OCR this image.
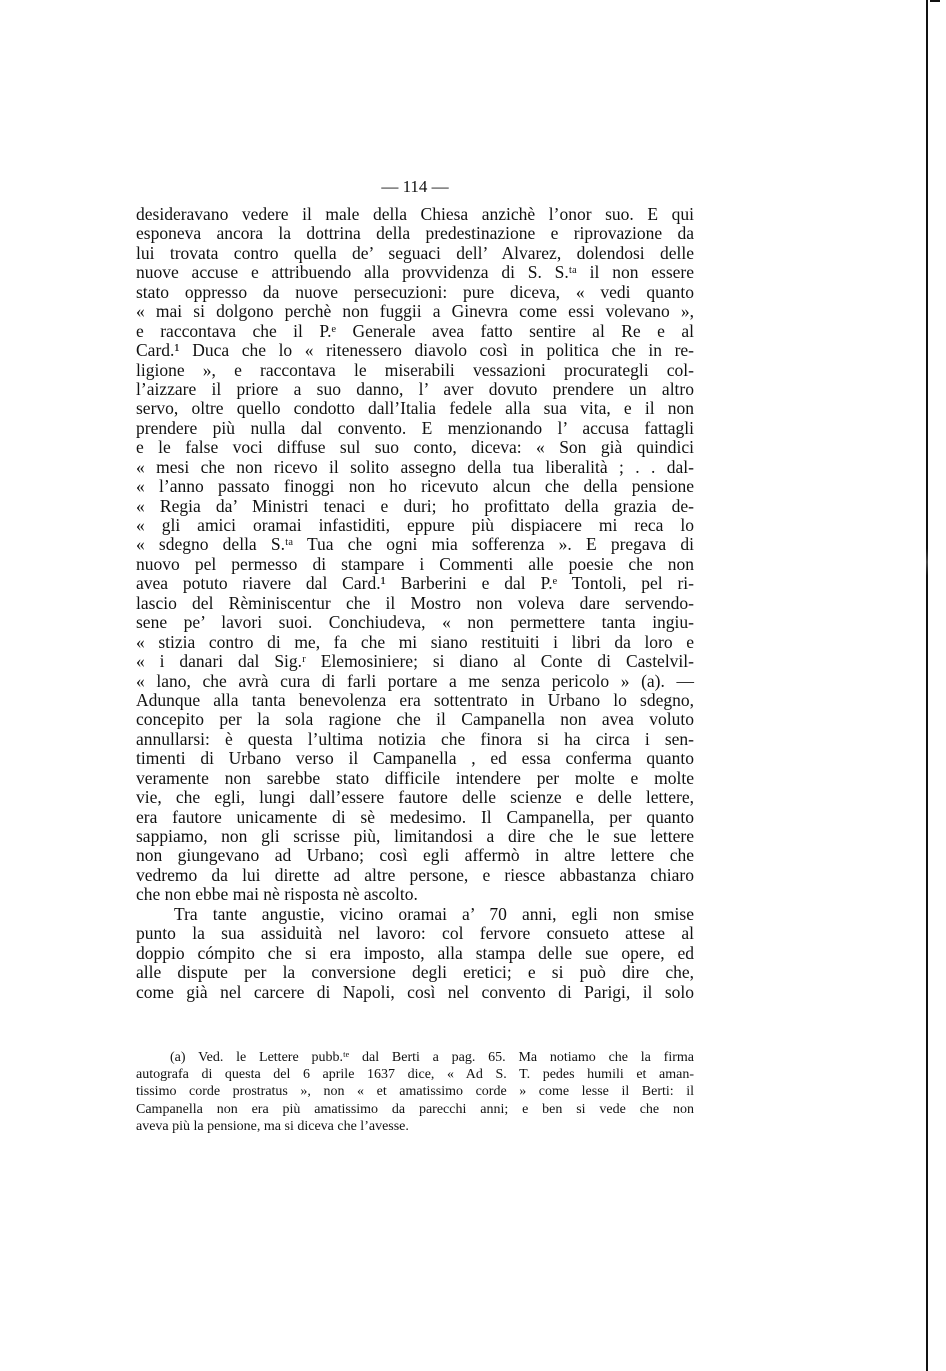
— 114 —
desideravano vedere il male della Chiesa anzichè l’onor suo. E qui
esponeva ancora la dottrina della predestinazione e riprovazione da
lui trovata contro quella de’ seguaci dell’ Alvarez, dolendosi delle
nuove accuse e attribuendo alla provvidenza di S. S.ᵗᵃ il non essere
stato oppresso da nuove persecuzioni: pure diceva, « vedi quanto
« mai si dolgono perchè non fuggii a Ginevra come essi volevano »,
e raccontava che il P.ᵉ Generale avea fatto sentire al Re e al
Card.¹ Duca che lo « ritenessero diavolo così in politica che in re-
ligione », e raccontava le miserabili vessazioni procurategli col-
l’aizzare il priore a suo danno, l’ aver dovuto prendere un altro
servo, oltre quello condotto dall’Italia fedele alla sua vita, e il non
prendere più nulla dal convento. E menzionando l’ accusa fattagli
e le false voci diffuse sul suo conto, diceva: « Son già quindici
« mesi che non ricevo il solito assegno della tua liberalità ; . . dal-
« l’anno passato finoggi non ho ricevuto alcun che della pensione
« Regia da’ Ministri tenaci e duri; ho profittato della grazia de-
« gli amici oramai infastiditi, eppure più dispiacere mi reca lo
« sdegno della S.ᵗᵃ Tua che ogni mia sofferenza ». E pregava di
nuovo pel permesso di stampare i Commenti alle poesie che non
avea potuto riavere dal Card.¹ Barberini e dal P.ᵉ Tontoli, pel ri-
lascio del Rèminiscentur che il Mostro non voleva dare servendo-
sene pe’ lavori suoi. Conchiudeva, « non permettere tanta ingiu-
« stizia contro di me, fa che mi siano restituiti i libri da loro e
« i danari dal Sig.ʳ Elemosiniere; si diano al Conte di Castelvil-
« lano, che avrà cura di farli portare a me senza pericolo » (a). —
Adunque alla tanta benevolenza era sottentrato in Urbano lo sdegno,
concepito per la sola ragione che il Campanella non avea voluto
annullarsi: è questa l’ultima notizia che finora si ha circa i sen-
timenti di Urbano verso il Campanella , ed essa conferma quanto
veramente non sarebbe stato difficile intendere per molte e molte
vie, che egli, lungi dall’essere fautore delle scienze e delle lettere,
era fautore unicamente di sè medesimo. Il Campanella, per quanto
sappiamo, non gli scrisse più, limitandosi a dire che le sue lettere
non giungevano ad Urbano; così egli affermò in altre lettere che
vedremo da lui dirette ad altre persone, e riesce abbastanza chiaro
che non ebbe mai nè risposta nè ascolto.
Tra tante angustie, vicino oramai a’ 70 anni, egli non smise
punto la sua assiduità nel lavoro: col fervore consueto attese al
doppio cómpito che si era imposto, alla stampa delle sue opere, ed
alle dispute per la conversione degli eretici; e si può dire che,
come già nel carcere di Napoli, così nel convento di Parigi, il solo
(a) Ved. le Lettere pubb.ᵗᵉ dal Berti a pag. 65. Ma notiamo che la firma
autografa di questa del 6 aprile 1637 dice, « Ad S. T. pedes humili et aman-
tissimo corde prostratus », non « et amatissimo corde » come lesse il Berti: il
Campanella non era più amatissimo da parecchi anni; e ben si vede che non
aveva più la pensione, ma si diceva che l’avesse.
